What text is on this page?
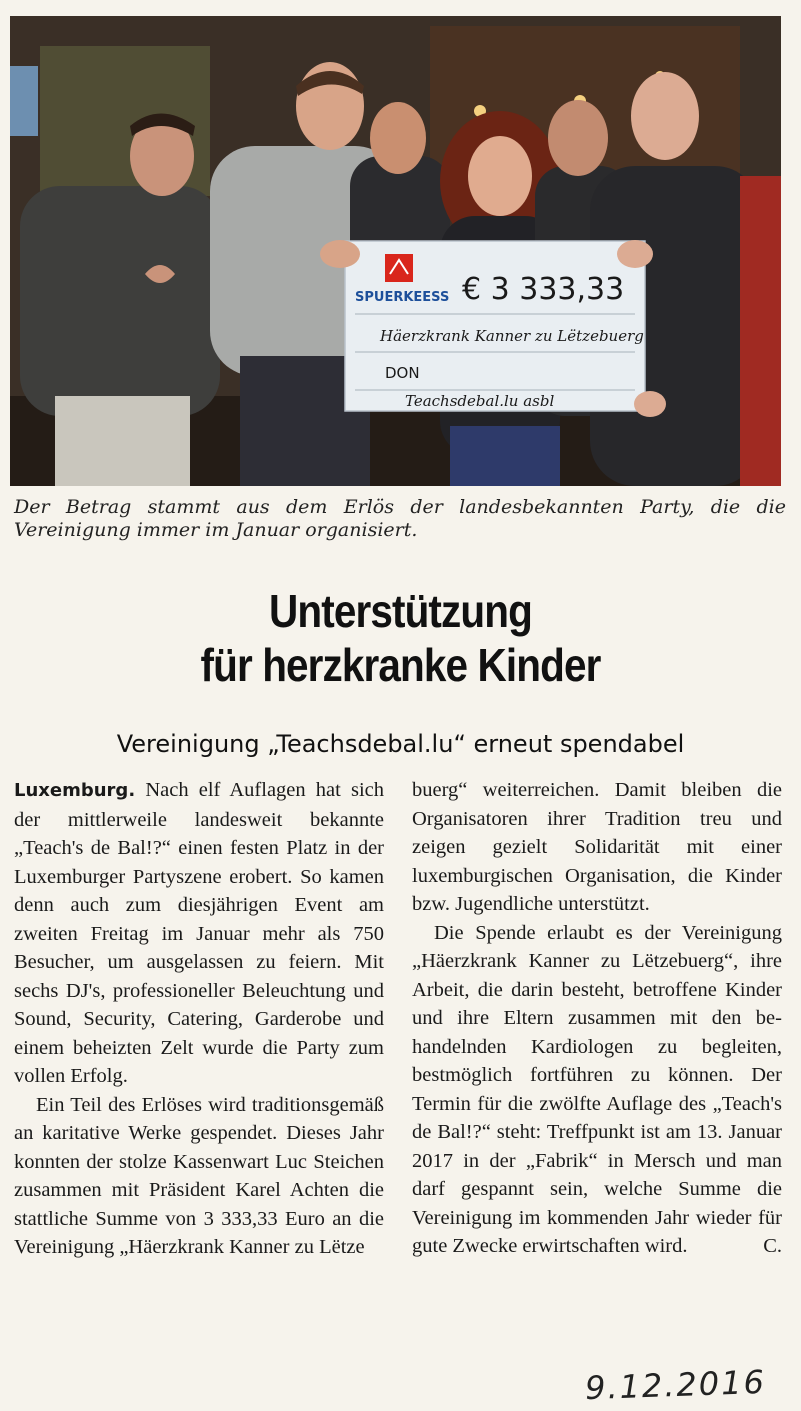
SPUERKEESS € 3 333,33
Häerzkrank Kanner zu Lëtzebuerg
DON
Teachsdebal.lu asbl
Der Betrag stammt aus dem Erlös der landesbekannten Party, die die Vereinigung immer im Januar organisiert.
Unterstützung
für herzkranke Kinder
Vereinigung „Teachsdebal.lu“ erneut spendabel

Luxemburg. Nach elf Auflagen hat sich der mittlerweile landesweit bekannte „Teach's de Bal!?“ einen festen Platz in der Luxemburger Partyszene erobert. So kamen denn auch zum diesjährigen Event am zweiten Freitag im Januar mehr als 750 Besucher, um ausgelassen zu feiern. Mit sechs DJ's, professioneller Beleuchtung und Sound, Security, Catering, Garderobe und einem beheizten Zelt wurde die Party zum vollen Erfolg.

Ein Teil des Erlöses wird traditionsgemäß an karitative Werke gespendet. Dieses Jahr konnten der stolze Kassenwart Luc Steichen zusammen mit Präsident Karel Achten die stattliche Summe von 3 333,33 Euro an die Vereinigung „Häerzkrank Kanner zu Lëtze

buerg“ weiterreichen. Damit bleiben die Organisatoren ihrer Tradition treu und zeigen gezielt Solidarität mit einer luxemburgischen Organisation, die Kinder bzw. Jugendliche unterstützt.

Die Spende erlaubt es der Vereinigung „Häerzkrank Kanner zu Lëtzebuerg“, ihre Arbeit, die darin besteht, betroffene Kinder und ihre Eltern zusammen mit den behandelnden Kardiologen zu begleiten, bestmöglich fortführen zu können. Der Termin für die zwölfte Auflage des „Teach's de Bal!?“ steht: Treffpunkt ist am 13. Januar 2017 in der „Fabrik“ in Mersch und man darf gespannt sein, welche Summe die Vereinigung im kommenden Jahr wieder für gute Zwecke erwirtschaften wird.	C.

9.12.2016
